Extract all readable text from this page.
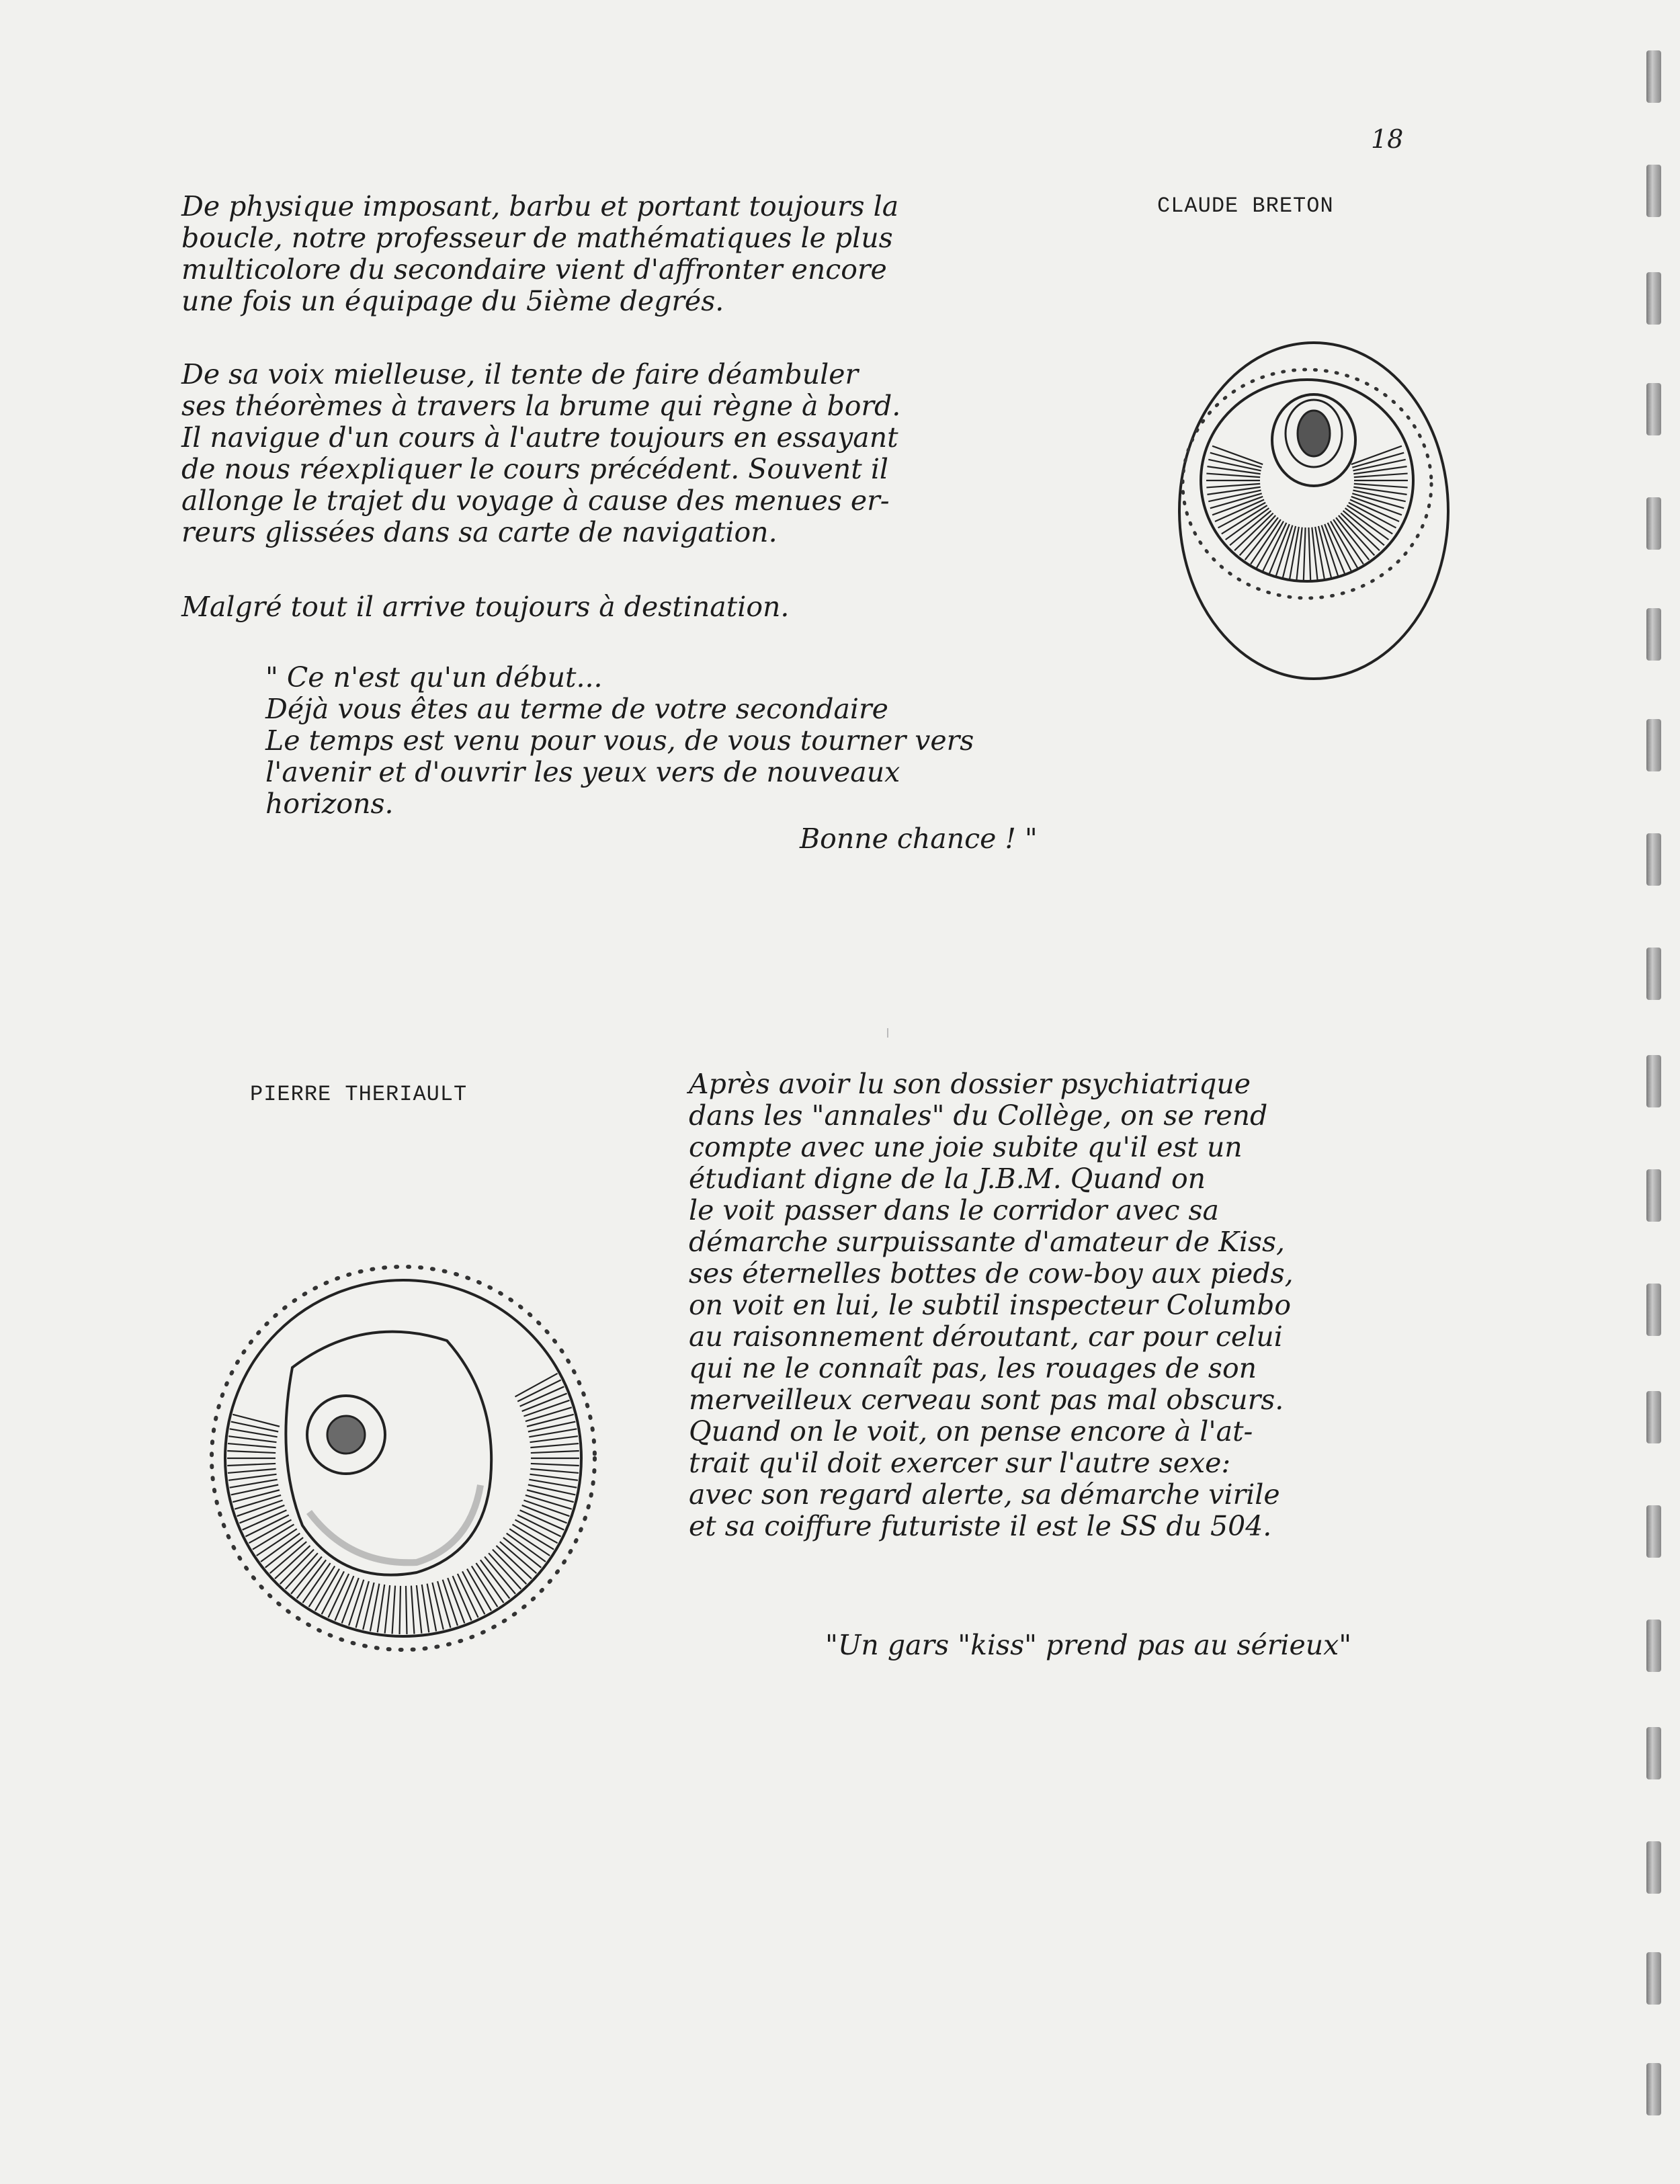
18
CLAUDE BRETON
De physique imposant, barbu et portant toujours la
boucle, notre professeur de mathématiques le plus
multicolore du secondaire vient d'affronter encore
une fois un équipage du 5ième degrés.
De sa voix mielleuse, il tente de faire déambuler
ses théorèmes à travers la brume qui règne à bord.
Il navigue d'un cours à l'autre toujours en essayant
de nous réexpliquer le cours précédent. Souvent il
allonge le trajet du voyage à cause des menues er-
reurs glissées dans sa carte de navigation.
Malgré tout il arrive toujours à destination.
" Ce n'est qu'un début...
Déjà vous êtes au terme de votre secondaire
Le temps est venu pour vous, de vous tourner vers
l'avenir et d'ouvrir les yeux vers de nouveaux
horizons.
Bonne chance ! "
PIERRE THERIAULT	Après avoir lu son dossier psychiatrique
dans les "annales" du Collège, on se rend
compte avec une joie subite qu'il est un
étudiant digne de la J.B.M. Quand on
le voit passer dans le corridor avec sa
démarche surpuissante d'amateur de Kiss,
ses éternelles bottes de cow-boy aux pieds,
on voit en lui, le subtil inspecteur Columbo
au raisonnement déroutant, car pour celui
qui ne le connaît pas, les rouages de son
merveilleux cerveau sont pas mal obscurs.
Quand on le voit, on pense encore à l'at-
trait qu'il doit exercer sur l'autre sexe:
avec son regard alerte, sa démarche virile
et sa coiffure futuriste il est le SS du 504.
"Un gars "kiss" prend pas au sérieux"
